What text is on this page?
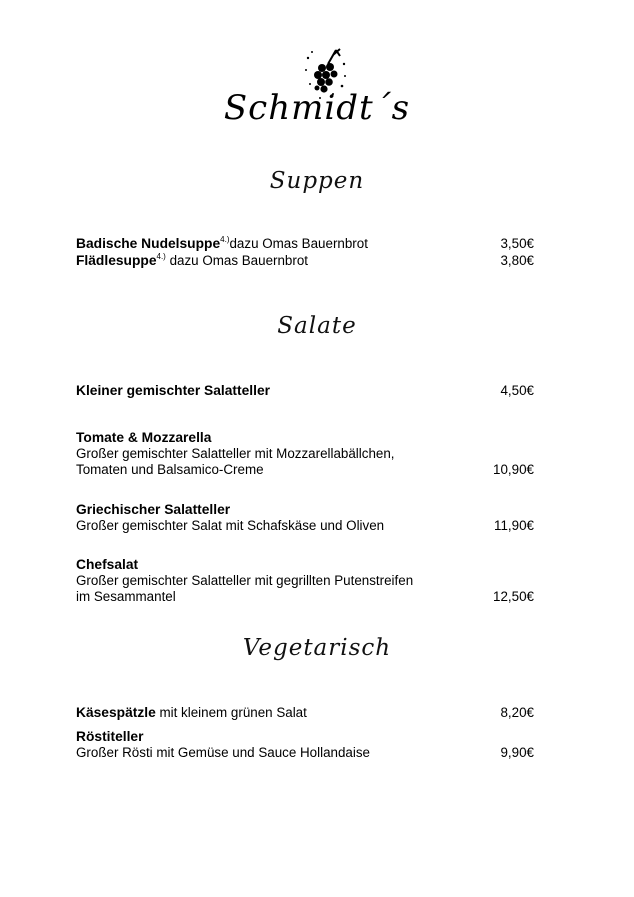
Schmidt´s
Suppen
Badische Nudelsuppe$^{4.)}$dazu Omas Bauernbrot	3,50€
Flädlesuppe$^{4.)}$ dazu Omas Bauernbrot	3,80€
Salate
Kleiner gemischter Salatteller	4,50€
Tomate & Mozzarella
Großer gemischter Salatteller mit Mozzarellabällchen,
Tomaten und Balsamico-Creme	10,90€
Griechischer Salatteller
Großer gemischter Salat mit Schafskäse und Oliven	11,90€
Chefsalat
Großer gemischter Salatteller mit gegrillten Putenstreifen
im Sesammantel	12,50€
Vegetarisch
Käsespätzle mit kleinem grünen Salat	8,20€
Röstiteller
Großer Rösti mit Gemüse und Sauce Hollandaise	9,90€
